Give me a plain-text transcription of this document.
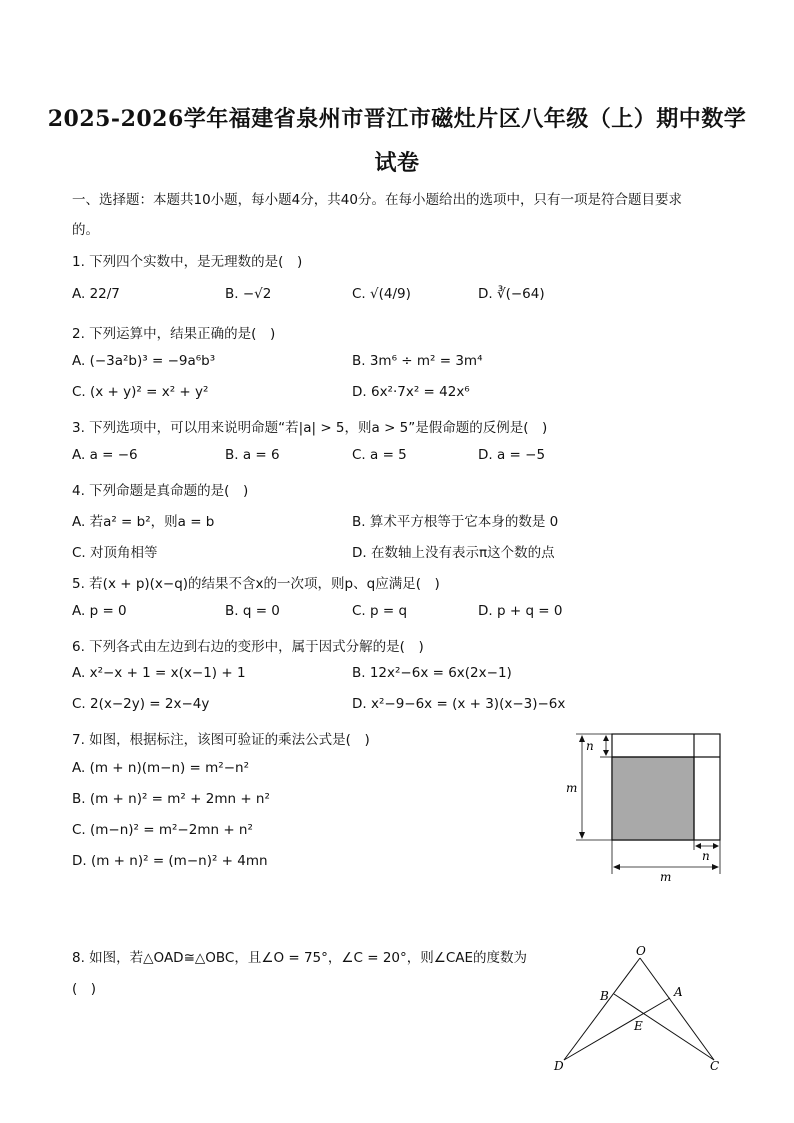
2025-2026学年福建省泉州市晋江市磁灶片区八年级（上）期中数学
试卷
一、选择题：本题共10小题，每小题4分，共40分。在每小题给出的选项中，只有一项是符合题目要求
的。
1. 下列四个实数中，是无理数的是(　)
A. 22/7	B. −√2	C. √(4/9)	D. ∛(−64)
2. 下列运算中，结果正确的是(　)
A. (−3a²b)³ = −9a⁶b³	B. 3m⁶ ÷ m² = 3m⁴
C. (x + y)² = x² + y²	D. 6x²·7x² = 42x⁶
3. 下列选项中，可以用来说明命题“若|a| > 5，则a > 5”是假命题的反例是(　)
A. a = −6	B. a = 6	C. a = 5	D. a = −5
4. 下列命题是真命题的是(　)
A. 若a² = b²，则a = b	B. 算术平方根等于它本身的数是 0
C. 对顶角相等	D. 在数轴上没有表示π这个数的点
5. 若(x + p)(x−q)的结果不含x的一次项，则p、q应满足(　)
A. p = 0	B. q = 0	C. p = q	D. p + q = 0
6. 下列各式由左边到右边的变形中，属于因式分解的是(　)
A. x²−x + 1 = x(x−1) + 1	B. 12x²−6x = 6x(2x−1)
C. 2(x−2y) = 2x−4y	D. x²−9−6x = (x + 3)(x−3)−6x
7. 如图，根据标注，该图可验证的乘法公式是(　)
A. (m + n)(m−n) = m²−n²
B. (m + n)² = m² + 2mn + n²
C. (m−n)² = m²−2mn + n²
D. (m + n)² = (m−n)² + 4mn
n
m
n
m
8. 如图，若△OAD≅△OBC，且∠O = 75°，∠C = 20°，则∠CAE的度数为
(　)
O
A
B
E
D	C
